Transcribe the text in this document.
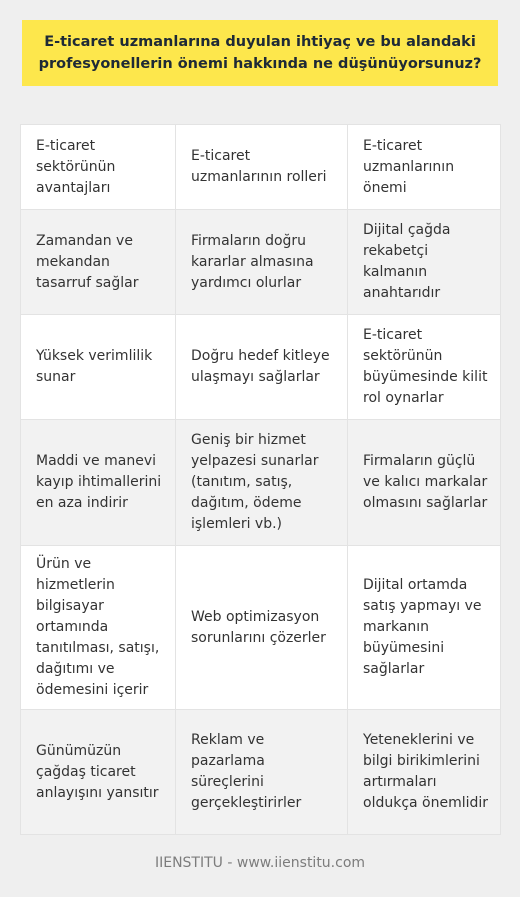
E-ticaret uzmanlarına duyulan ihtiyaç ve bu alandaki profesyonellerin önemi hakkında ne düşünüyorsunuz?
E-ticaret sektörünün avantajları	E-ticaret uzmanlarının rolleri	E-ticaret uzmanlarının önemi
Zamandan ve mekandan tasarruf sağlar	Firmaların doğru kararlar almasına yardımcı olurlar	Dijital çağda rekabetçi kalmanın anahtarıdır
Yüksek verimlilik sunar	Doğru hedef kitleye ulaşmayı sağlarlar	E-ticaret sektörünün büyümesinde kilit rol oynarlar
Maddi ve manevi kayıp ihtimallerini en aza indirir	Geniş bir hizmet yelpazesi sunarlar (tanıtım, satış, dağıtım, ödeme işlemleri vb.)	Firmaların güçlü ve kalıcı markalar olmasını sağlarlar
Ürün ve hizmetlerin bilgisayar ortamında tanıtılması, satışı, dağıtımı ve ödemesini içerir	Web optimizasyon sorunlarını çözerler	Dijital ortamda satış yapmayı ve markanın büyümesini sağlarlar
Günümüzün çağdaş ticaret anlayışını yansıtır	Reklam ve pazarlama süreçlerini gerçekleştirirler	Yeteneklerini ve bilgi birikimlerini artırmaları oldukça önemlidir
IIENSTITU - www.iienstitu.com
